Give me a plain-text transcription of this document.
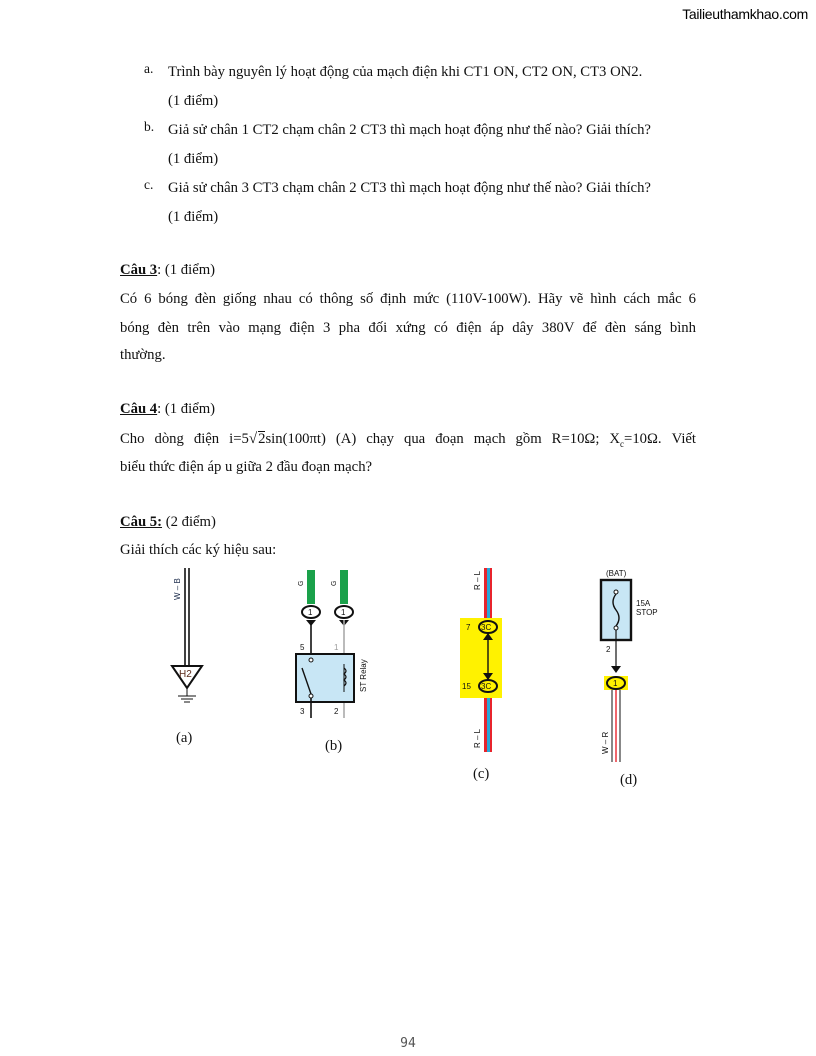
Tailieuthamkhao.com
a. Trình bày nguyên lý hoạt động của mạch điện khi CT1 ON, CT2 ON, CT3 ON2.
(1 điểm)
b. Giả sử chân 1 CT2 chạm chân 2 CT3 thì mạch hoạt động như thế nào? Giải thích?
(1 điểm)
c. Giả sử chân 3 CT3 chạm chân 2 CT3 thì mạch hoạt động như thế nào? Giải thích?
(1 điểm)
Câu 3: (1 điểm)
Có 6 bóng đèn giống nhau có thông số định mức (110V-100W). Hãy vẽ hình cách mắc 6
bóng đèn trên vào mạng điện 3 pha đối xứng có điện áp dây 380V để đèn sáng bình
thường.
Câu 4: (1 điểm)
Cho dòng điện i=5√2sin(100πt) (A) chạy qua đoạn mạch gồm R=10Ω; $X_c=10\Omega$. Viết
biểu thức điện áp u giữa 2 đầu đoạn mạch?
Câu 5: (2 điểm)
Giải thích các ký hiệu sau:
W – B
H2
(a)
G	G
1	1
5	1
3	2
ST Relay
(b)
R – L
R – L
3C
3C
7
15
(c)
(BAT)
15A
STOP
2
1
W – R
(d)
94
